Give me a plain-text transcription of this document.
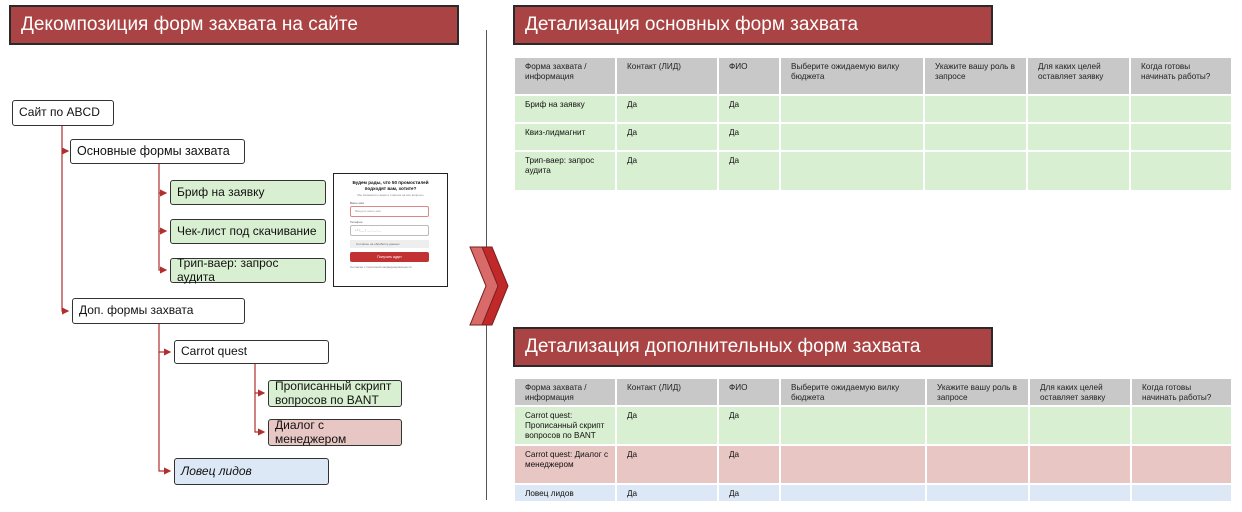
Декомпозиция форм захвата на сайте
Сайт по ABCD
Основные формы захвата
Бриф на заявку
Чек-лист под скачивание
Трип-ваер: запрос аудита
Доп. формы захвата
Carrot quest
Прописанный скрипт вопросов по BANT
Диалог с менеджером
Ловец лидов
Будем рады, что 50 промостилей подходят вам, хотите?
Мы свяжемся с вами и ответим на все вопросы
Ваше имя
Введите ваше имя
Телефон
+7 (___) ___-__-__
Согласен на обработку данных
Получить аудит
Согласие с политикой конфиденциальности
Детализация основных форм захвата
Детализация дополнительных форм захвата
Форма захвата / информация	Контакт (ЛИД)	ФИО	Выберите ожидаемую вилку бюджета	Укажите вашу роль в запросе	Для каких целей оставляет заявку	Когда готовы начинать работы?
Бриф на заявку	Да	Да				
Квиз-лидмагнит	Да	Да				
Трип-ваер: запрос аудита	Да	Да				
Форма захвата / информация	Контакт (ЛИД)	ФИО	Выберите ожидаемую вилку бюджета	Укажите вашу роль в запросе	Для каких целей оставляет заявку	Когда готовы начинать работы?
Carrot quest: Прописанный скрипт вопросов по BANT	Да	Да				
Carrot quest: Диалог с менеджером	Да	Да				
Ловец лидов	Да	Да				
